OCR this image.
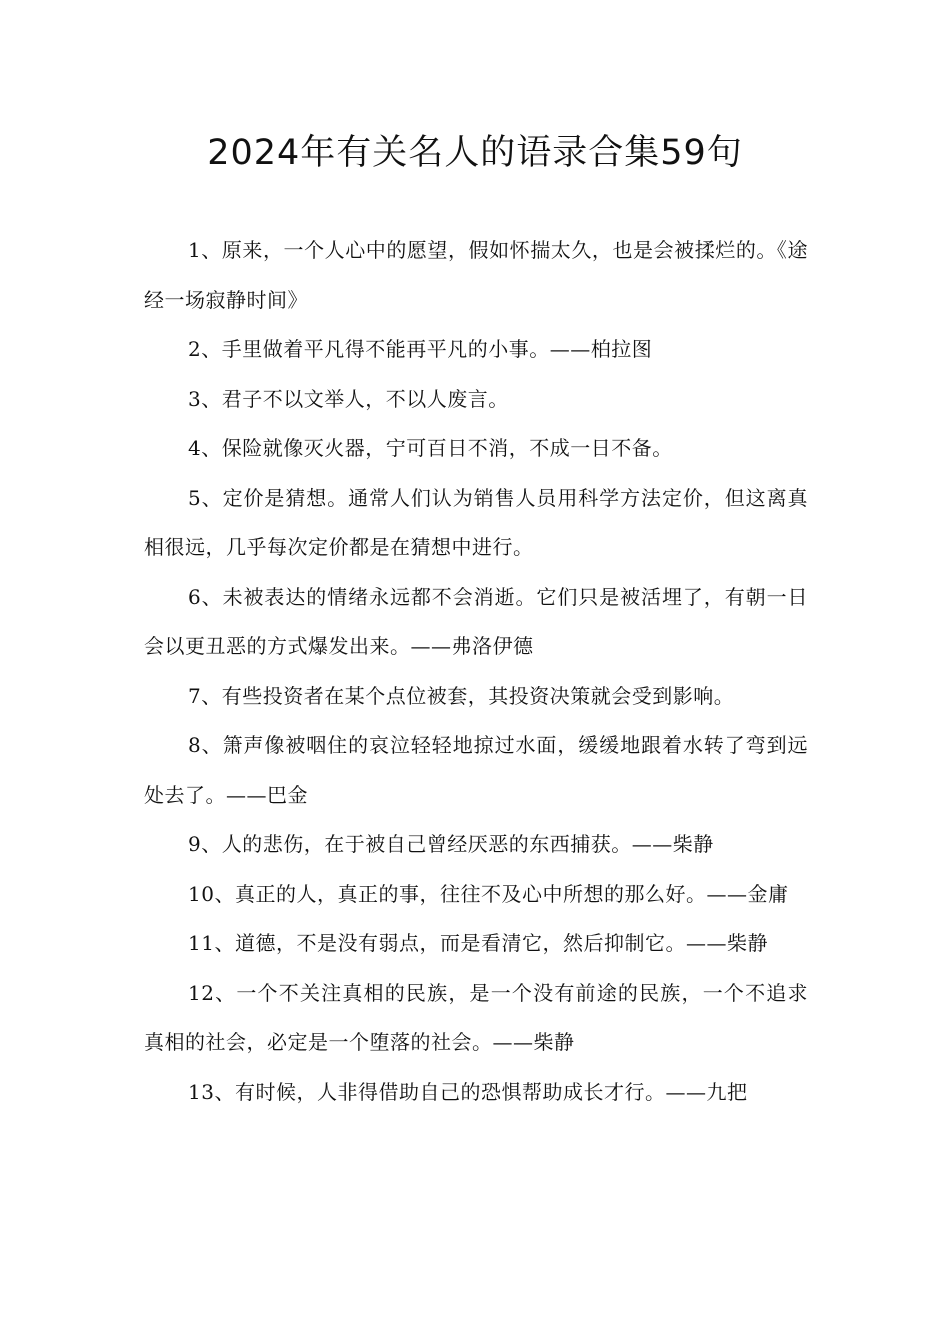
2024年有关名人的语录合集59句

1、原来，一个人心中的愿望，假如怀揣太久，也是会被揉烂的。《途经一场寂静时间》

2、手里做着平凡得不能再平凡的小事。——柏拉图

3、君子不以文举人，不以人废言。

4、保险就像灭火器，宁可百日不消，不成一日不备。

5、定价是猜想。通常人们认为销售人员用科学方法定价，但这离真相很远，几乎每次定价都是在猜想中进行。

6、未被表达的情绪永远都不会消逝。它们只是被活埋了，有朝一日会以更丑恶的方式爆发出来。——弗洛伊德

7、有些投资者在某个点位被套，其投资决策就会受到影响。

8、箫声像被咽住的哀泣轻轻地掠过水面，缓缓地跟着水转了弯到远处去了。——巴金

9、人的悲伤，在于被自己曾经厌恶的东西捕获。——柴静

10、真正的人，真正的事，往往不及心中所想的那么好。——金庸

11、道德，不是没有弱点，而是看清它，然后抑制它。——柴静

12、一个不关注真相的民族，是一个没有前途的民族，一个不追求真相的社会，必定是一个堕落的社会。——柴静

13、有时候，人非得借助自己的恐惧帮助成长才行。——九把
